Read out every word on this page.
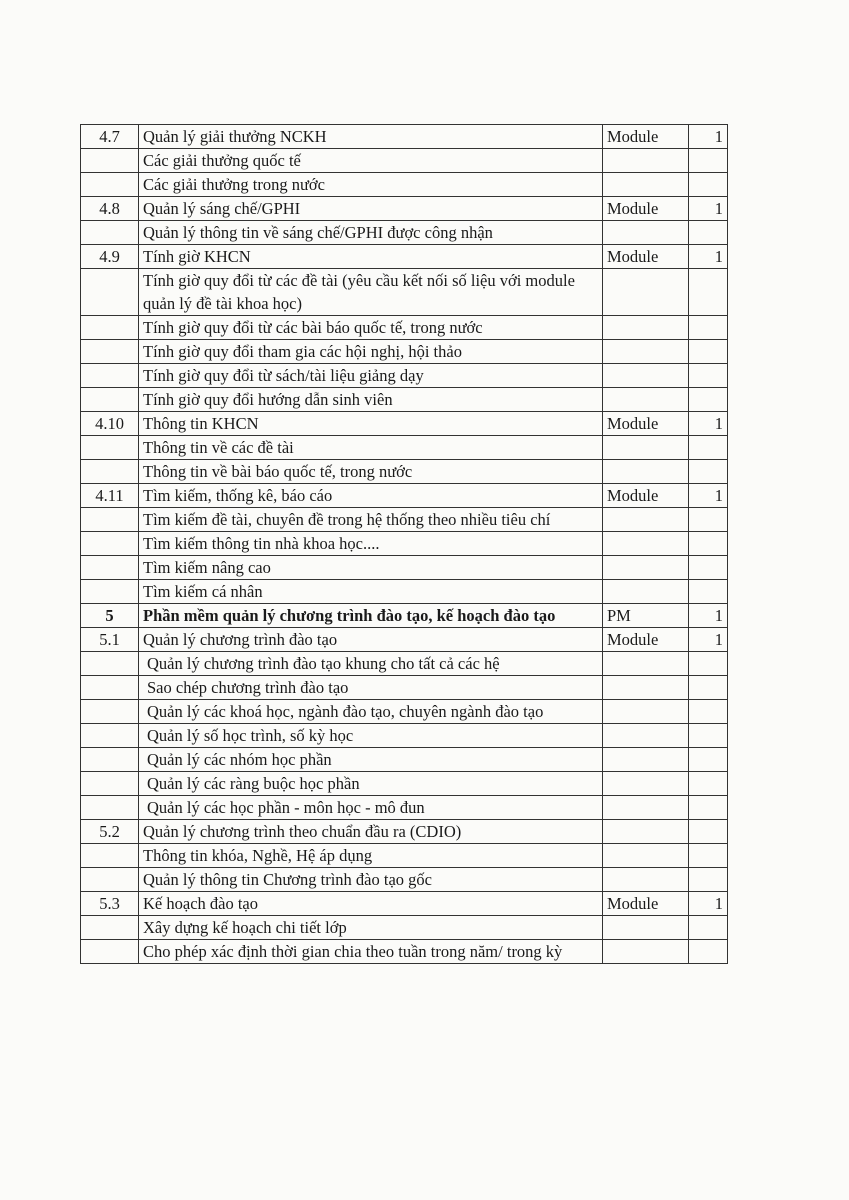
4.7	Quản lý giải thưởng NCKH	Module	1
	Các giải thưởng quốc tế		
	Các giải thưởng trong nước		
4.8	Quản lý sáng chế/GPHI	Module	1
	Quản lý thông tin về sáng chế/GPHI được công nhận		
4.9	Tính giờ KHCN	Module	1
	Tính giờ quy đổi từ các đề tài (yêu cầu kết nối số liệu với module quản lý đề tài khoa học)		
	Tính giờ quy đổi từ các bài báo quốc tế, trong nước		
	Tính giờ quy đổi tham gia các hội nghị, hội thảo		
	Tính giờ quy đổi từ sách/tài liệu giảng dạy		
	Tính giờ quy đổi hướng dẫn sinh viên		
4.10	Thông tin KHCN	Module	1
	Thông tin về các đề tài		
	Thông tin về bài báo quốc tế, trong nước		
4.11	Tìm kiếm, thống kê, báo cáo	Module	1
	Tìm kiếm đề tài, chuyên đề trong hệ thống theo nhiều tiêu chí		
	Tìm kiếm thông tin nhà khoa học....		
	Tìm kiếm nâng cao		
	Tìm kiếm cá nhân		
5	Phần mềm quản lý chương trình đào tạo, kế hoạch đào tạo	PM	1
5.1	Quản lý chương trình đào tạo	Module	1
	Quản lý chương trình đào tạo khung cho tất cả các hệ		
	Sao chép chương trình đào tạo		
	Quản lý các khoá học, ngành đào tạo, chuyên ngành đào tạo		
	Quản lý số học trình, số kỳ học		
	Quản lý các nhóm học phần		
	Quản lý các ràng buộc học phần		
	Quản lý các học phần - môn học - mô đun		
5.2	Quản lý chương trình theo chuẩn đầu ra (CDIO)		
	Thông tin khóa, Nghề, Hệ áp dụng		
	Quản lý thông tin Chương trình đào tạo gốc		
5.3	Kế hoạch đào tạo	Module	1
	Xây dựng kế hoạch chi tiết lớp		
	Cho phép xác định thời gian chia theo tuần trong năm/ trong kỳ		
